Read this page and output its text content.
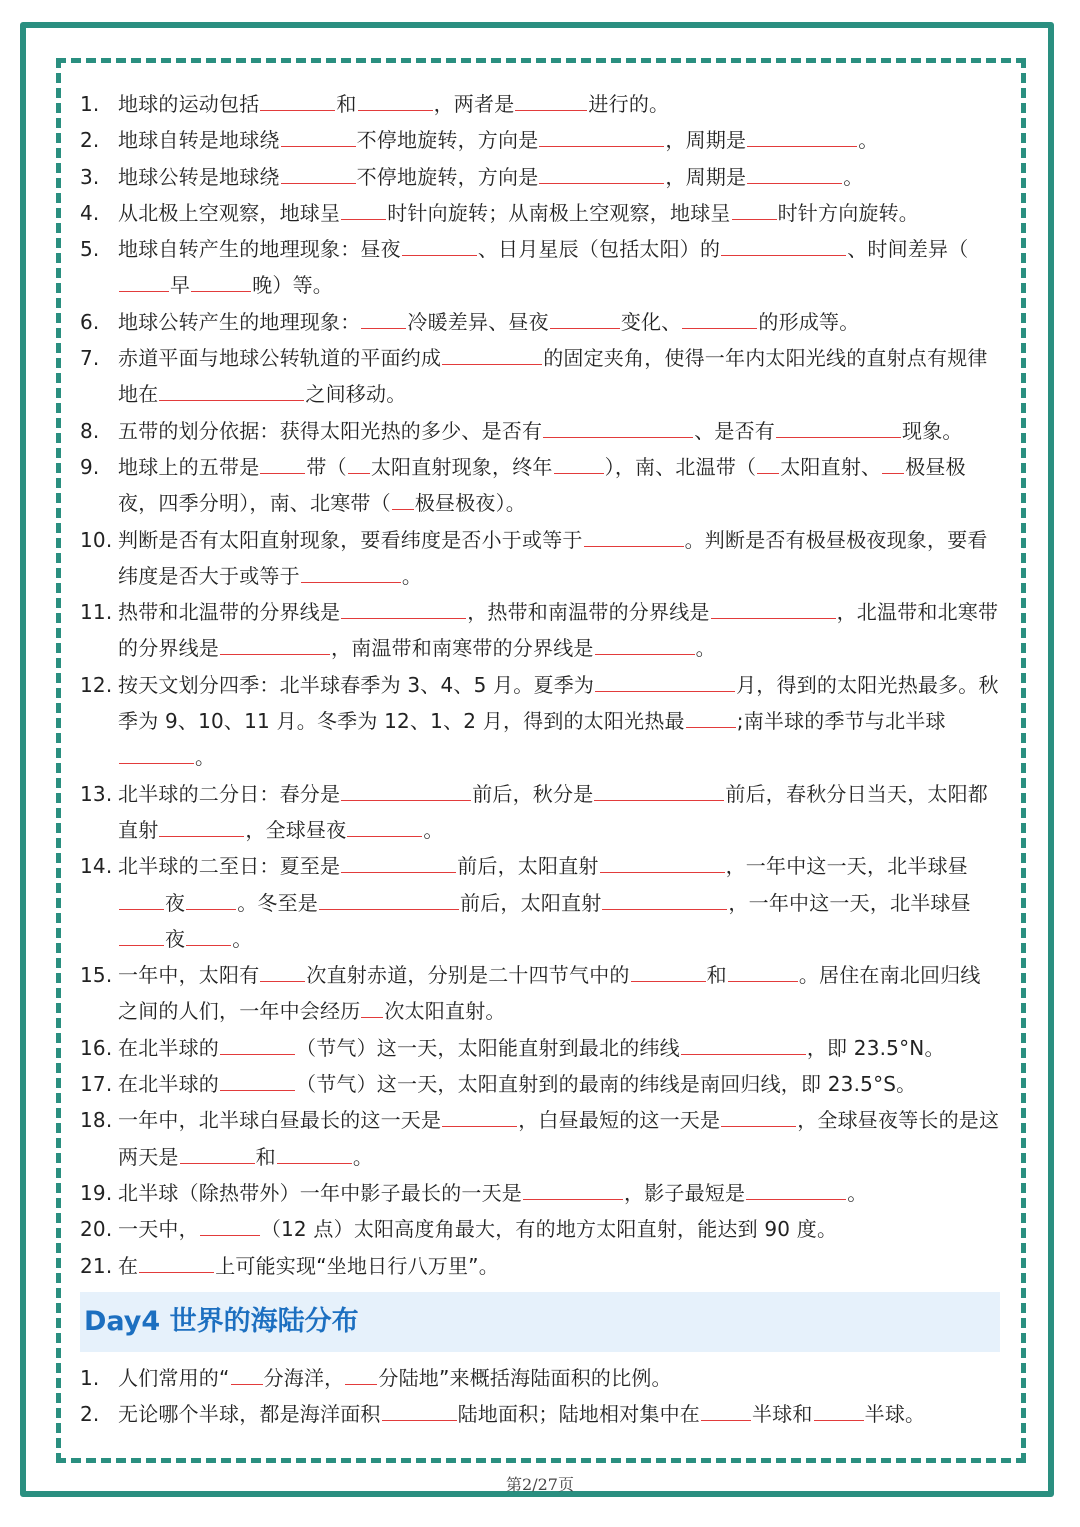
1. 地球的运动包括	和	，两者是	进行的。
2. 地球自转是地球绕	不停地旋转，方向是	，周期是	。
3. 地球公转是地球绕	不停地旋转，方向是	，周期是	。
4. 从北极上空观察，地球呈 时针向旋转；从南极上空观察，地球呈 时针方向旋转。
5. 地球自转产生的地理现象：昼夜	、日月星辰（包括太阳）的	、时间差异（早	晚）等。
6. 地球公转产生的地理现象： 冷暖差异、昼夜	变化、	的形成等。
7. 赤道平面与地球公转轨道的平面约成	的固定夹角，使得一年内太阳光线的直射点有规律地在	之间移动。
8. 五带的划分依据：获得太阳光热的多少、是否有	、是否有	现象。
9. 地球上的五带是 带（ 太阳直射现象，终年	），南、北温带（ 太阳直射、 极昼极夜，四季分明），南、北寒带（ 极昼极夜）。
10. 判断是否有太阳直射现象，要看纬度是否小于或等于	。判断是否有极昼极夜现象，要看纬度是否大于或等于	。
11. 热带和北温带的分界线是	，热带和南温带的分界线是	，北温带和北寒带的分界线是	，南温带和南寒带的分界线是	。
12. 按天文划分四季：北半球春季为 3、4、5 月。夏季为	月，得到的太阳光热最多。秋季为 9、10、11 月。冬季为 12、1、2 月，得到的太阳光热最	;南半球的季节与北半球。
13. 北半球的二分日：春分是	前后，秋分是	前后，春秋分日当天，太阳都直射	，全球昼夜	。
14. 北半球的二至日：夏至是	前后，太阳直射	，一年中这一天，北半球昼夜	。冬至是	前后，太阳直射	，一年中这一天，北半球昼夜 。
15. 一年中，太阳有 次直射赤道，分别是二十四节气中的	和	。居住在南北回归线之间的人们，一年中会经历 次太阳直射。
16. 在北半球的	（节气）这一天，太阳能直射到最北的纬线	，即 23.5°N。
17. 在北半球的	（节气）这一天，太阳直射到的最南的纬线是南回归线，即 23.5°S。
18. 一年中，北半球白昼最长的这一天是	，白昼最短的这一天是	，全球昼夜等长的是这两天是	和	。
19. 北半球（除热带外）一年中影子最长的一天是	，影子最短是	。
20. 一天中，	（12 点）太阳高度角最大，有的地方太阳直射，能达到 90 度。
21. 在	上可能实现“坐地日行八万里”。
Day4 世界的海陆分布
1. 人们常用的“ 分海洋， 分陆地”来概括海陆面积的比例。
2. 无论哪个半球，都是海洋面积	陆地面积；陆地相对集中在	半球和	半球。
第2/27页
